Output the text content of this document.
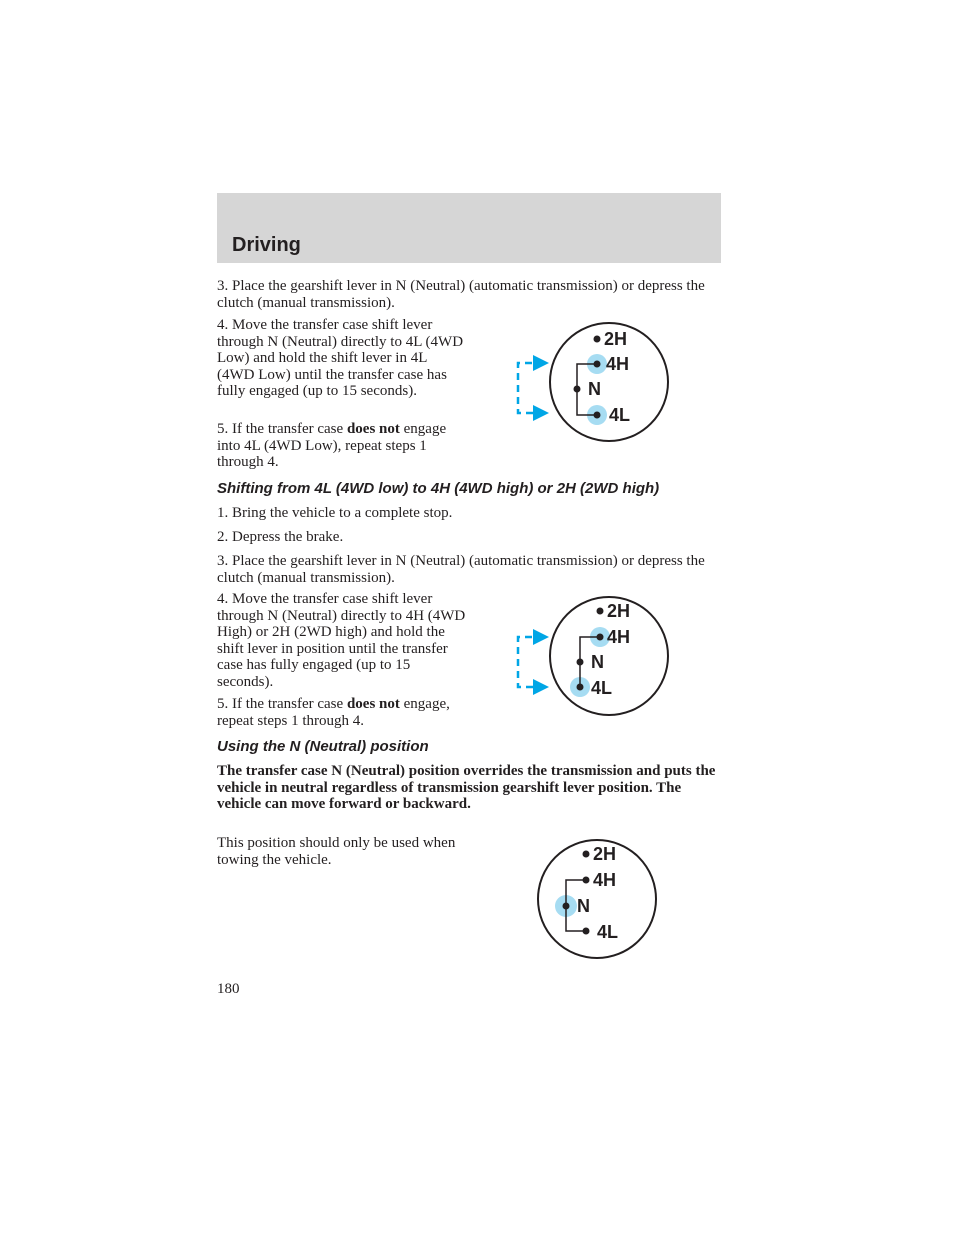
Driving

3. Place the gearshift lever in N (Neutral) (automatic transmission) or depress the clutch (manual transmission).

4. Move the transfer case shift lever through N (Neutral) directly to 4L (4WD Low) and hold the shift lever in 4L (4WD Low) until the transfer case has fully engaged (up to 15 seconds).

5. If the transfer case does not engage into 4L (4WD Low), repeat steps 1 through 4.

2H
4H
N
4L
Shifting from 4L (4WD low) to 4H (4WD high) or 2H (2WD high)

1. Bring the vehicle to a complete stop.

2. Depress the brake.

3. Place the gearshift lever in N (Neutral) (automatic transmission) or depress the clutch (manual transmission).

4. Move the transfer case shift lever through N (Neutral) directly to 4H (4WD High) or 2H (2WD high) and hold the shift lever in position until the transfer case has fully engaged (up to 15 seconds).

5. If the transfer case does not engage, repeat steps 1 through 4.

2H
4H
N
4L
Using the N (Neutral) position

The transfer case N (Neutral) position overrides the transmission and puts the vehicle in neutral regardless of transmission gearshift lever position. The vehicle can move forward or backward.

This position should only be used when towing the vehicle.	2H
4H
N
4L
180
